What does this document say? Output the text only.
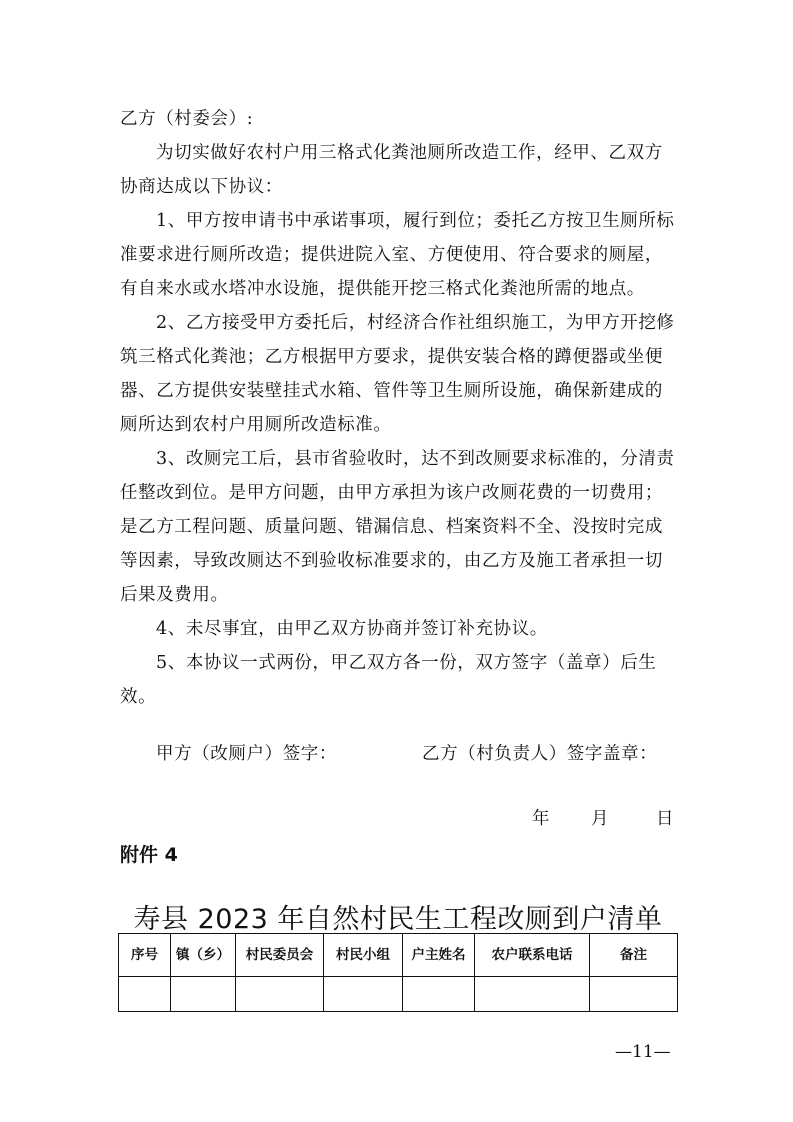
乙方（村委会）:

为切实做好农村户用三格式化粪池厕所改造工作，经甲、乙双方协商达成以下协议：

1、甲方按申请书中承诺事项，履行到位；委托乙方按卫生厕所标准要求进行厕所改造；提供进院入室、方便使用、符合要求的厕屋，有自来水或水塔冲水设施，提供能开挖三格式化粪池所需的地点。

2、乙方接受甲方委托后，村经济合作社组织施工，为甲方开挖修筑三格式化粪池；乙方根据甲方要求，提供安装合格的蹲便器或坐便器、乙方提供安装壁挂式水箱、管件等卫生厕所设施，确保新建成的厕所达到农村户用厕所改造标准。

3、改厕完工后，县市省验收时，达不到改厕要求标准的，分清责任整改到位。是甲方问题，由甲方承担为该户改厕花费的一切费用；是乙方工程问题、质量问题、错漏信息、档案资料不全、没按时完成等因素，导致改厕达不到验收标准要求的，由乙方及施工者承担一切后果及费用。

4、未尽事宜，由甲乙双方协商并签订补充协议。

5、本协议一式两份，甲乙双方各一份，双方签字（盖章）后生效。

甲方（改厕户）签字：	乙方（村负责人）签字盖章：
年 月	日
附件 4
寿县 2023 年自然村民生工程改厕到户清单
序号	镇（乡）	村民委员会	村民小组	户主姓名	农户联系电话	备注

—11—
